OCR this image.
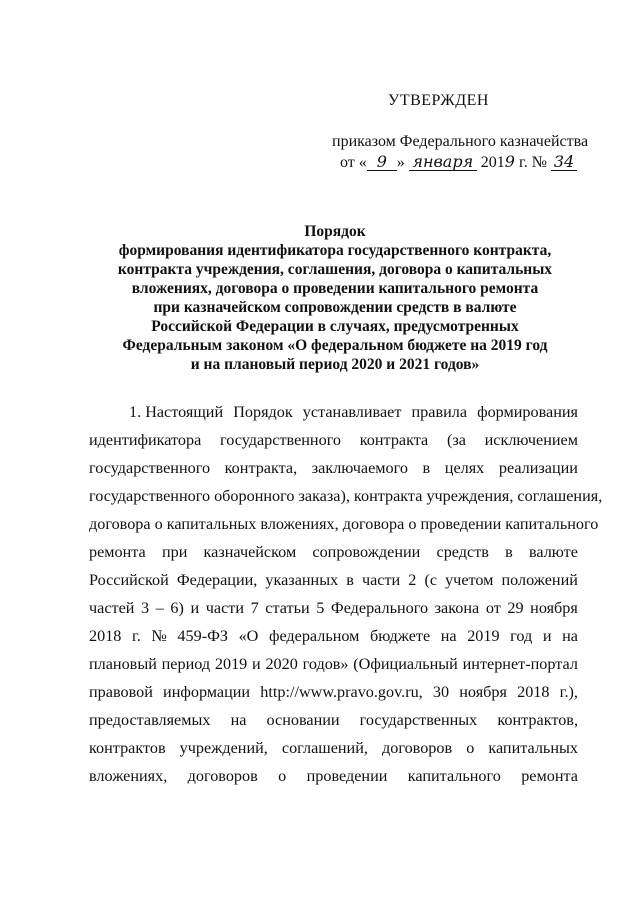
УТВЕРЖДЕН
приказом Федерального казначейства
от « 9 » января 2019 г. № 34
Порядок
формирования идентификатора государственного контракта,
контракта учреждения, соглашения, договора о капитальных
вложениях, договора о проведении капитального ремонта
при казначейском сопровождении средств в валюте
Российской Федерации в случаях, предусмотренных
Федеральным законом «О федеральном бюджете на 2019 год
и на плановый период 2020 и 2021 годов»
1. Настоящий Порядок устанавливает правила формирования
идентификатора государственного контракта (за исключением
государственного контракта, заключаемого в целях реализации
государственного оборонного заказа), контракта учреждения, соглашения,
договора о капитальных вложениях, договора о проведении капитального
ремонта при казначейском сопровождении средств в валюте
Российской Федерации, указанных в части 2 (с учетом положений
частей 3 – 6) и части 7 статьи 5 Федерального закона от 29 ноября
2018 г. № 459-ФЗ «О федеральном бюджете на 2019 год и на
плановый период 2019 и 2020 годов» (Официальный интернет-портал
правовой информации http://www.pravo.gov.ru, 30 ноября 2018 г.),
предоставляемых на основании государственных контрактов,
контрактов учреждений, соглашений, договоров о капитальных
вложениях, договоров о проведении капитального ремонта
